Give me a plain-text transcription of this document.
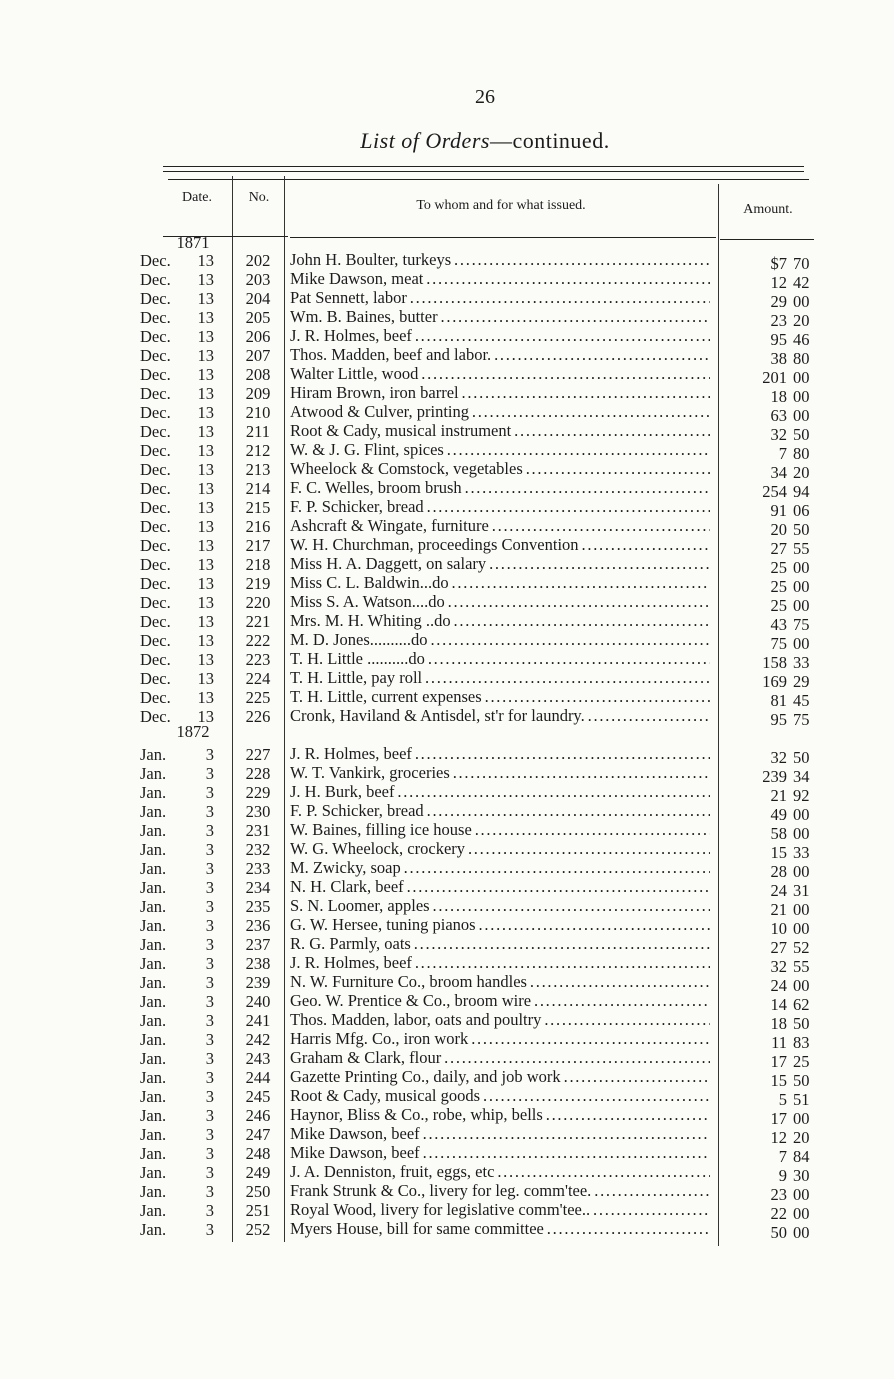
26
List of Orders—continued.
Date.	No.
To whom and for what issued.	Amount.
1871
1872
Dec.	13	202	John H. Boulter, turkeys . . .	$7 70
Dec.	13	203	Mike Dawson, meat . . .	12 42
Dec.	13	204	Pat Sennett, labor . . .	29 00
Dec.	13	205	Wm. B. Baines, butter . . .	23 20
Dec.	13	206	J. R. Holmes, beef . . .	95 46
Dec.	13	207	Thos. Madden, beef and labor. . . .	38 80
Dec.	13	208	Walter Little, wood . . .	201 00
Dec.	13	209	Hiram Brown, iron barrel . . .	18 00
Dec.	13	210	Atwood & Culver, printing . . .	63 00
Dec.	13	211	Root & Cady, musical instrument . . .	32 50
Dec.	13	212	W. & J. G. Flint, spices . . .	7 80
Dec.	13	213	Wheelock & Comstock, vegetables . . .	34 20
Dec.	13	214	F. C. Welles, broom brush . . .	254 94
Dec.	13	215	F. P. Schicker, bread . . .	91 06
Dec.	13	216	Ashcraft & Wingate, furniture . . .	20 50
Dec.	13	217	W. H. Churchman, proceedings Convention . . .	27 55
Dec.	13	218	Miss H. A. Daggett, on salary . . .	25 00
Dec.	13	219	Miss C. L. Baldwin...do . . .	25 00
Dec.	13	220	Miss S. A. Watson....do . . .	25 00
Dec.	13	221	Mrs. M. H. Whiting ..do . . .	43 75
Dec.	13	222	M. D. Jones..........do . . .	75 00
Dec.	13	223	T. H. Little ..........do . . .	158 33
Dec.	13	224	T. H. Little, pay roll . . .	169 29
Dec.	13	225	T. H. Little, current expenses . . .	81 45
Dec.	13	226	Cronk, Haviland & Antisdel, st'r for laundry. . . .	95 75
Jan.	3	227	J. R. Holmes, beef . . .	32 50
Jan.	3	228	W. T. Vankirk, groceries . . .	239 34
Jan.	3	229	J. H. Burk, beef . . .	21 92
Jan.	3	230	F. P. Schicker, bread . . .	49 00
Jan.	3	231	W. Baines, filling ice house . . .	58 00
Jan.	3	232	W. G. Wheelock, crockery . . .	15 33
Jan.	3	233	M. Zwicky, soap . . .	28 00
Jan.	3	234	N. H. Clark, beef . . .	24 31
Jan.	3	235	S. N. Loomer, apples . . .	21 00
Jan.	3	236	G. W. Hersee, tuning pianos . . .	10 00
Jan.	3	237	R. G. Parmly, oats . . .	27 52
Jan.	3	238	J. R. Holmes, beef . . .	32 55
Jan.	3	239	N. W. Furniture Co., broom handles . . .	24 00
Jan.	3	240	Geo. W. Prentice & Co., broom wire . . .	14 62
Jan.	3	241	Thos. Madden, labor, oats and poultry . . .	18 50
Jan.	3	242	Harris Mfg. Co., iron work . . .	11 83
Jan.	3	243	Graham & Clark, flour . . .	17 25
Jan.	3	244	Gazette Printing Co., daily, and job work . . .	15 50
Jan.	3	245	Root & Cady, musical goods . . .	5 51
Jan.	3	246	Haynor, Bliss & Co., robe, whip, bells . . .	17 00
Jan.	3	247	Mike Dawson, beef . . .	12 20
Jan.	3	248	Mike Dawson, beef . . .	7 84
Jan.	3	249	J. A. Denniston, fruit, eggs, etc . . .	9 30
Jan.	3	250	Frank Strunk & Co., livery for leg. comm'tee. . . .	23 00
Jan.	3	251	Royal Wood, livery for legislative comm'tee.. . . .	22 00
Jan.	3	252	Myers House, bill for same committee . . .	50 00
